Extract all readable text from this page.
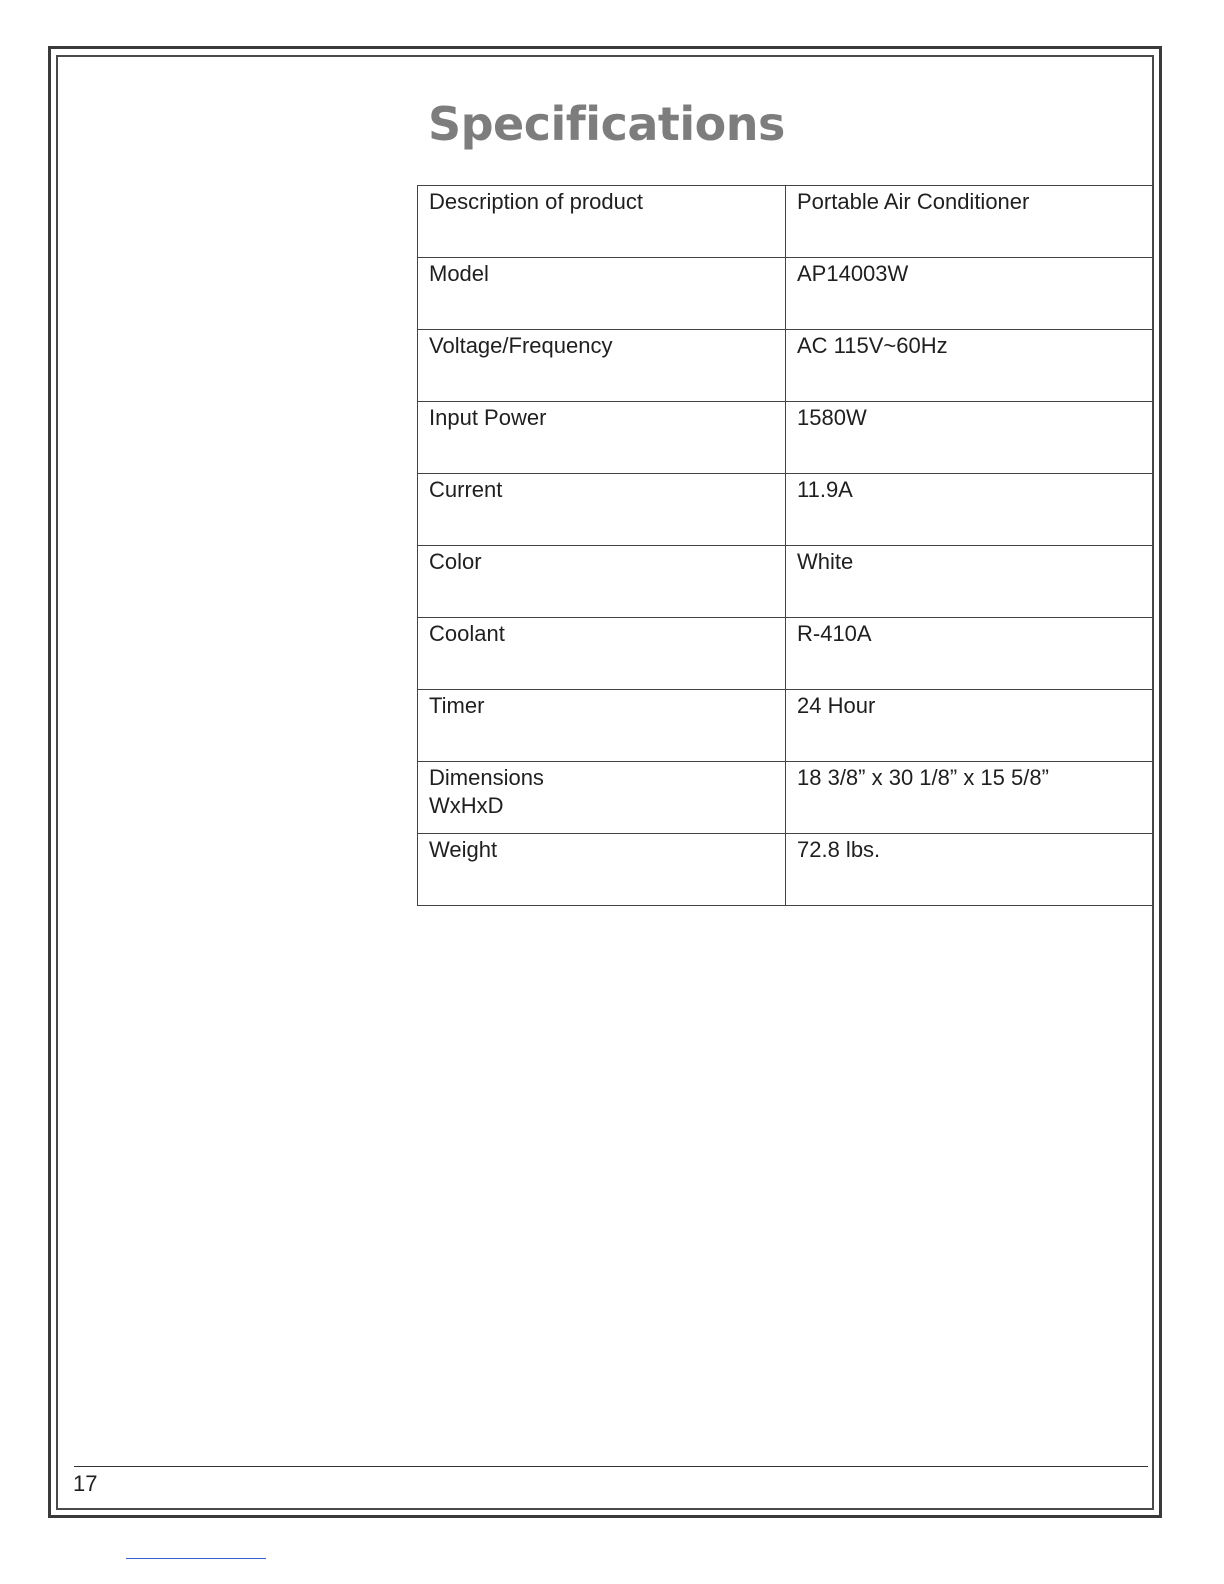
Specifications
Description of product	Portable Air Conditioner
Model	AP14003W
Voltage/Frequency	AC 115V~60Hz
Input Power	1580W
Current	11.9A
Color	White
Coolant	R-410A
Timer	24 Hour
Dimensions
WxHxD	18 3/8” x 30 1/8” x 15 5/8”
Weight	72.8 lbs.
17
